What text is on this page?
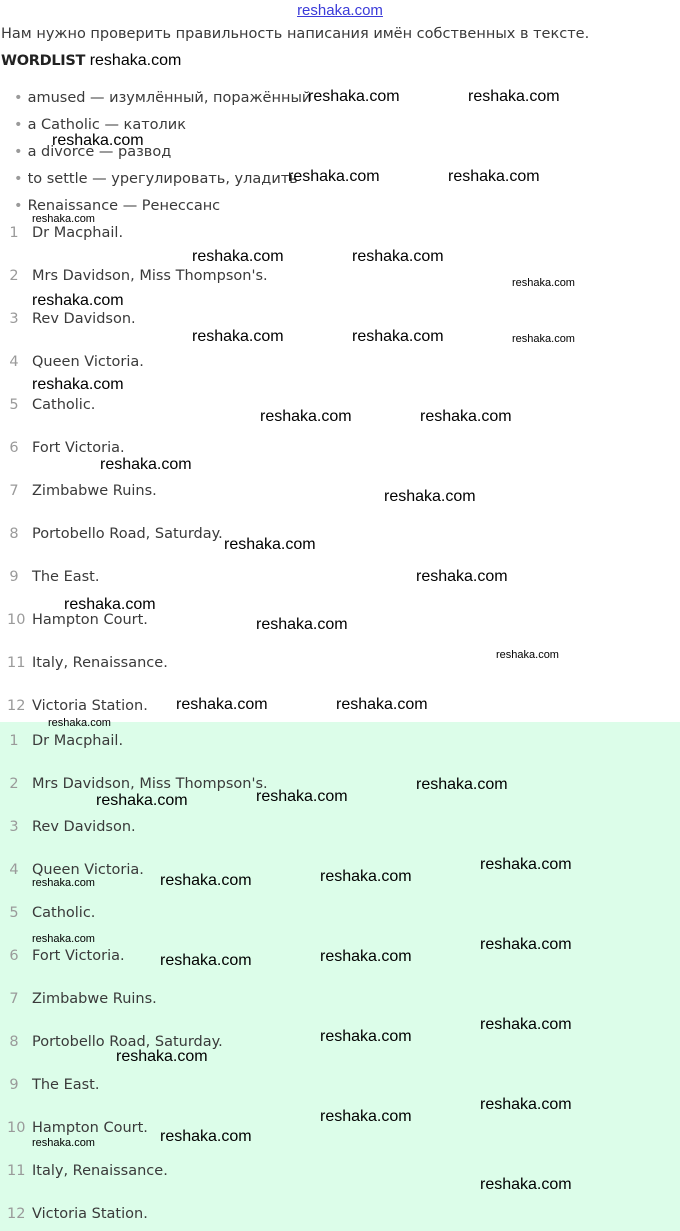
reshaka.com
Нам нужно проверить правильность написания имён собственных в тексте.
WORDLIST reshaka.com
• amused — изумлённый, поражённый
• a Catholic — католик
• a divorce — развод
• to settle — урегулировать, уладить
• Renaissance — Ренессанс
1 Dr Macphail.
2 Mrs Davidson, Miss Thompson's.
3 Rev Davidson.
4 Queen Victoria.
5 Catholic.
6 Fort Victoria.
7 Zimbabwe Ruins.
8 Portobello Road, Saturday.
9 The East.
10 Hampton Court.
11 Italy, Renaissance.
12 Victoria Station.
1 Dr Macphail.
2 Mrs Davidson, Miss Thompson's.
3 Rev Davidson.
4 Queen Victoria.
5 Catholic.
6 Fort Victoria.
7 Zimbabwe Ruins.
8 Portobello Road, Saturday.
9 The East.
10 Hampton Court.
11 Italy, Renaissance.
12 Victoria Station.
reshaka.com	reshaka.com
reshaka.com
reshaka.com	reshaka.com
reshaka.com
reshaka.com	reshaka.com
reshaka.com
reshaka.com
reshaka.com	reshaka.com	reshaka.com
reshaka.com
reshaka.com	reshaka.com
reshaka.com
reshaka.com
reshaka.com
reshaka.com
reshaka.com
reshaka.com
reshaka.com
reshaka.com	reshaka.com
reshaka.com
reshaka.com
reshaka.com
reshaka.com
reshaka.com
reshaka.com
reshaka.com
reshaka.com
reshaka.com	reshaka.com
reshaka.com
reshaka.com
reshaka.com
reshaka.com
reshaka.com
reshaka.com
reshaka.com
reshaka.com
reshaka.com
reshaka.com
